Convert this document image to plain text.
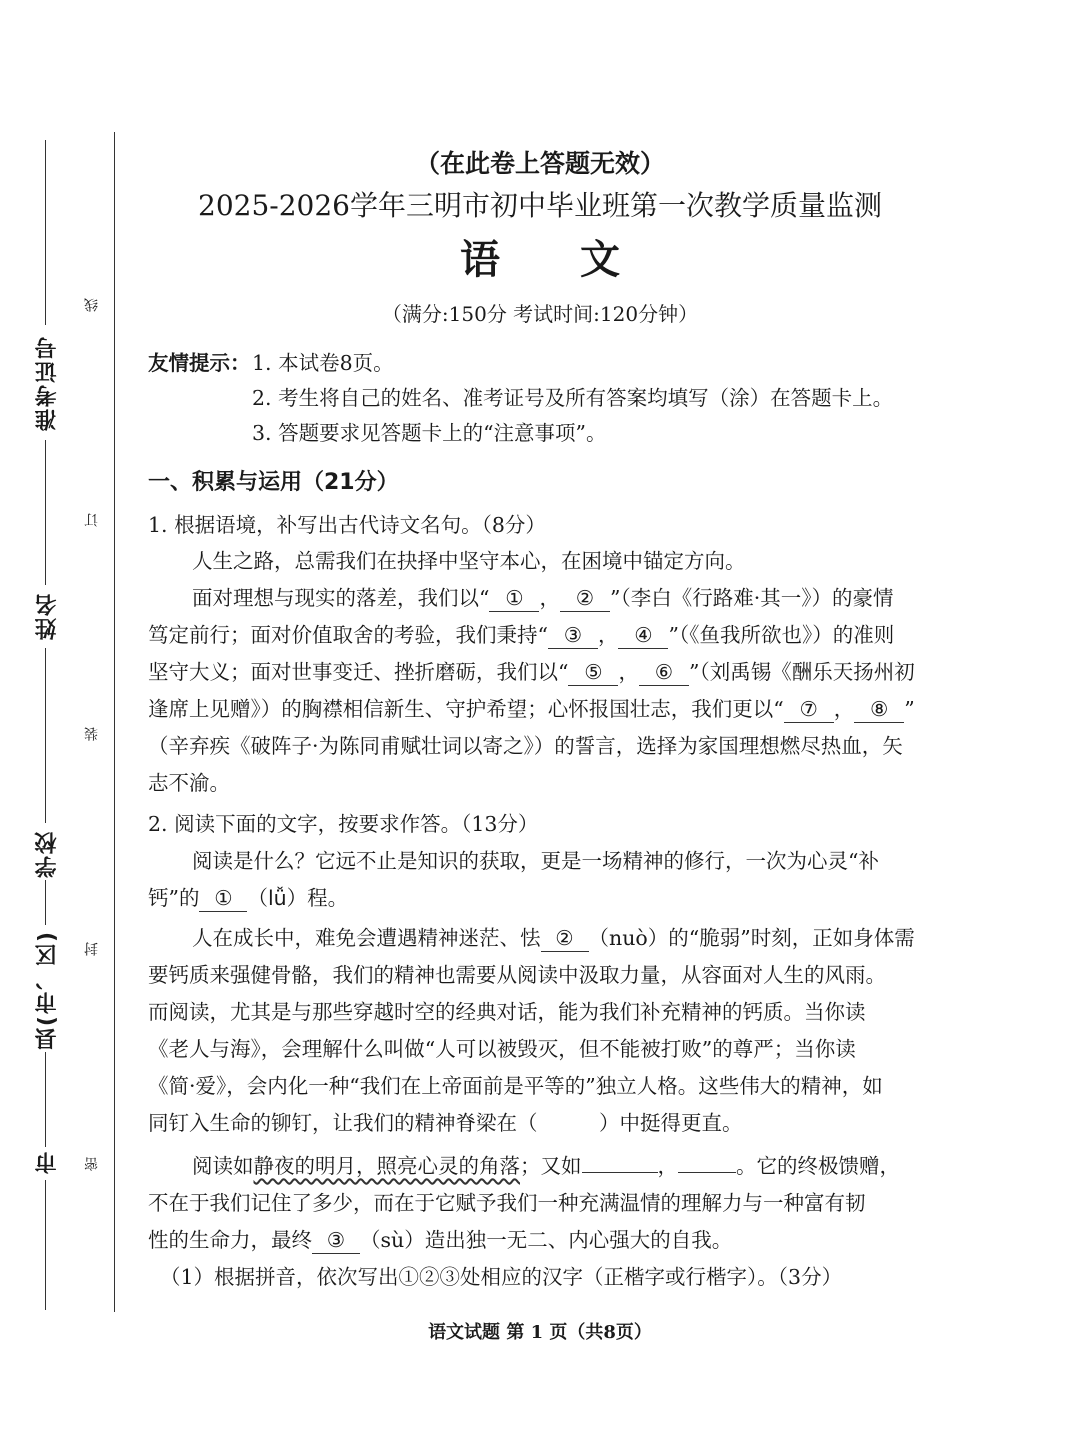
准考证号
姓名
学校
县(市、区)
市
线
订
装
封
密
（在此卷上答题无效）
2025-2026学年三明市初中毕业班第一次教学质量监测
语　　文
（满分:150分 考试时间:120分钟）
友情提示： 1. 本试卷8页。
2. 考生将自己的姓名、准考证号及所有答案均填写（涂）在答题卡上。
3. 答题要求见答题卡上的“注意事项”。
一、积累与运用（21分）
1. 根据语境，补写出古代诗文名句。（8分）
人生之路，总需我们在抉择中坚守本心，在困境中锚定方向。
面对理想与现实的落差，我们以“ ① ， ② ”（李白《行路难·其一》）的豪情
笃定前行；面对价值取舍的考验，我们秉持“ ③ ， ④ ”（《鱼我所欲也》）的准则
坚守大义；面对世事变迁、挫折磨砺，我们以“ ⑤ ， ⑥ ”（刘禹锡《酬乐天扬州初
逢席上见赠》）的胸襟相信新生、守护希望；心怀报国壮志，我们更以“ ⑦ ， ⑧ ”
（辛弃疾《破阵子·为陈同甫赋壮词以寄之》）的誓言，选择为家国理想燃尽热血，矢
志不渝。
2. 阅读下面的文字，按要求作答。（13分）
阅读是什么？它远不止是知识的获取，更是一场精神的修行，一次为心灵“补
钙”的 ① （lǚ）程。
人在成长中，难免会遭遇精神迷茫、怯 ② （nuò）的“脆弱”时刻，正如身体需
要钙质来强健骨骼，我们的精神也需要从阅读中汲取力量，从容面对人生的风雨。
而阅读，尤其是与那些穿越时空的经典对话，能为我们补充精神的钙质。当你读
《老人与海》，会理解什么叫做“人可以被毁灭，但不能被打败”的尊严；当你读
《简·爱》，会内化一种“我们在上帝面前是平等的”独立人格。这些伟大的精神，如
同钉入生命的铆钉，让我们的精神脊梁在（　　　）中挺得更直。
阅读如静夜的明月，照亮心灵的角落；又如	，	。它的终极馈赠，
不在于我们记住了多少，而在于它赋予我们一种充满温情的理解力与一种富有韧
性的生命力，最终 ③ （sù）造出独一无二、内心强大的自我。
（1）根据拼音，依次写出①②③处相应的汉字（正楷字或行楷字）。（3分）
语文试题 第 1 页（共8页）
